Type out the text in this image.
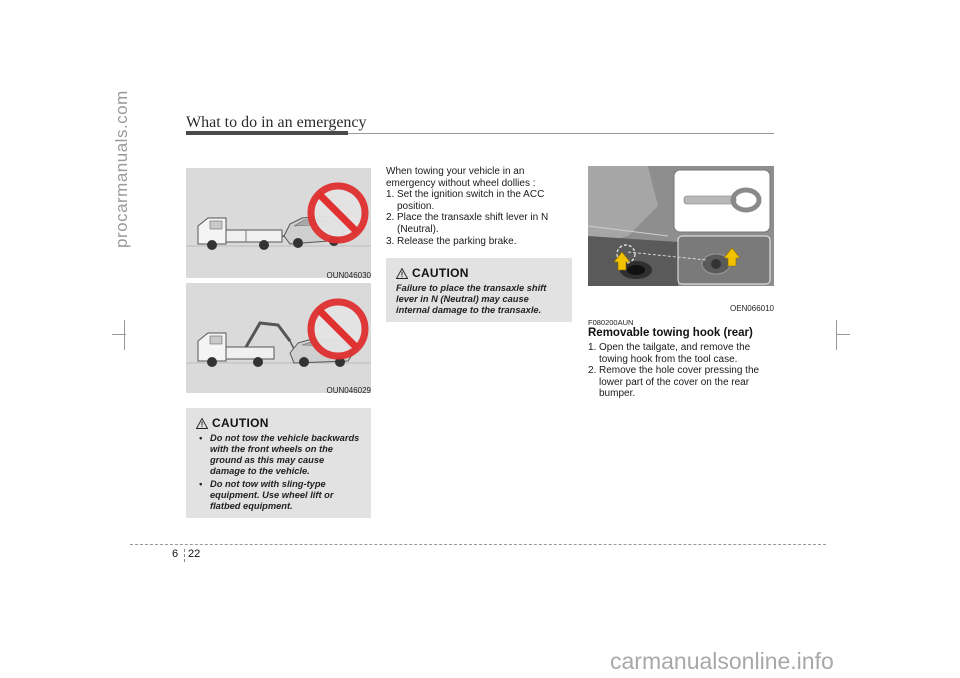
procarmanuals.com
carmanualsonline.info
What to do in an emergency
OUN046030
OUN046029
CAUTION
• Do not tow the vehicle backwards with the front wheels on the ground as this may cause damage to the vehicle.
• Do not tow with sling-type equipment. Use wheel lift or flatbed equipment.
When towing your vehicle in an emergency without wheel dollies :
1. Set the ignition switch in the ACC position.
2. Place the transaxle shift lever in N (Neutral).
3. Release the parking brake.
CAUTION
Failure to place the transaxle shift lever in N (Neutral) may cause internal damage to the transaxle.	OEN066010
F080200AUN
Removable towing hook (rear)
1. Open the tailgate, and remove the towing hook from the tool case.
2. Remove the hole cover pressing the lower part of the cover on the rear bumper.
6 22
